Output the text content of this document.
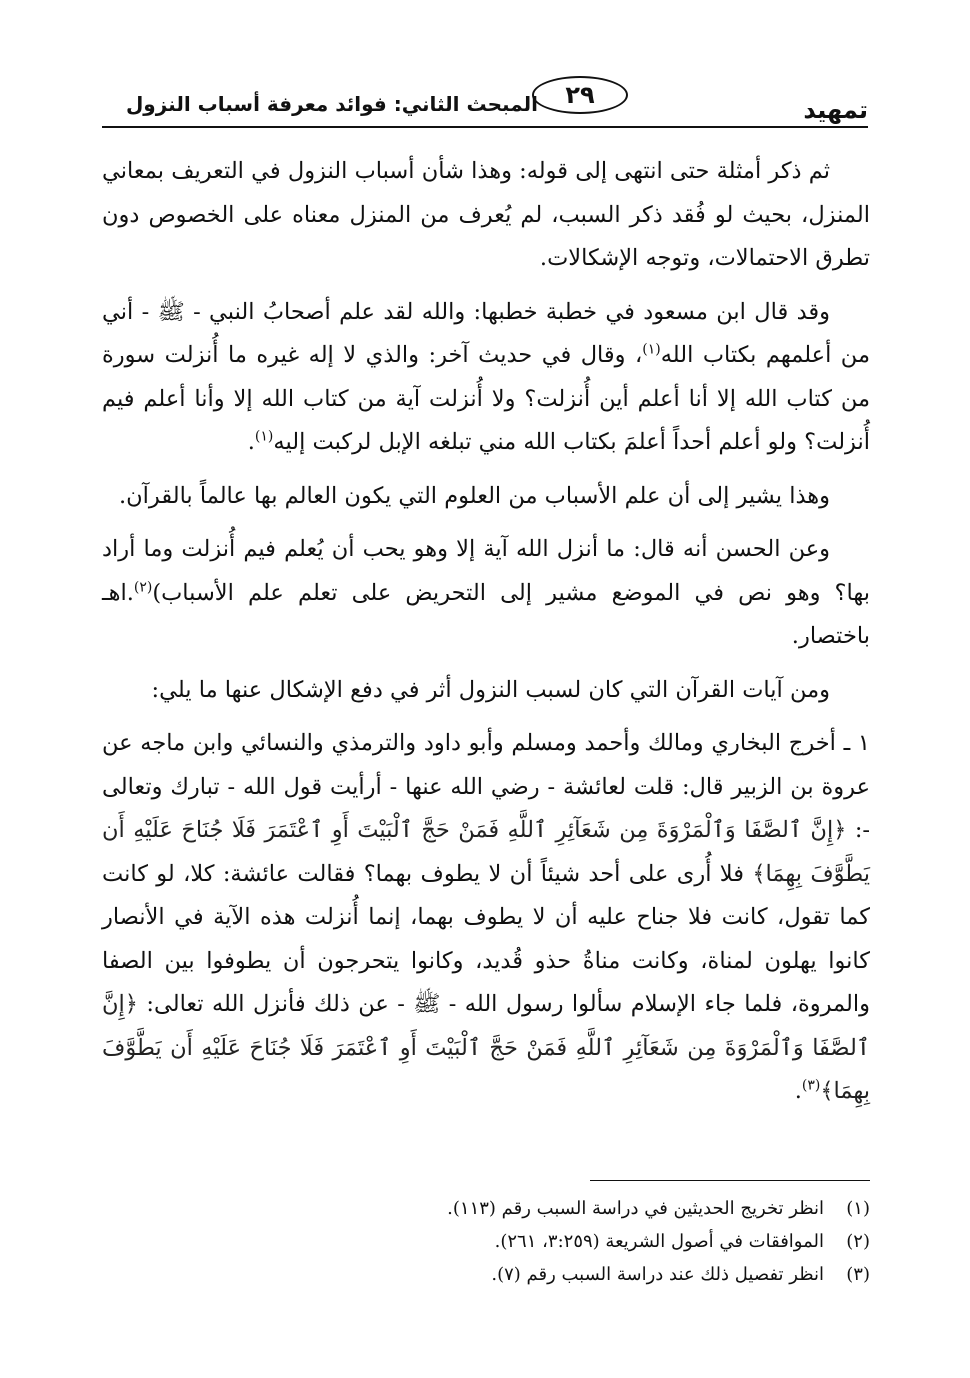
تمهيد
٢٩
المبحث الثاني: فوائد معرفة أسباب النزول

ثم ذكر أمثلة حتى انتهى إلى قوله: وهذا شأن أسباب النزول في التعريف بمعاني المنزل، بحيث لو فُقد ذكر السبب، لم يُعرف من المنزل معناه على الخصوص دون تطرق الاحتمالات، وتوجه الإشكالات.

وقد قال ابن مسعود في خطبة خطبها: والله لقد علم أصحابُ النبي - ﷺ - أني من أعلمهم بكتاب الله$^{(١)}$، وقال في حديث آخر: والذي لا إله غيره ما أُنزلت سورة من كتاب الله إلا أنا أعلم أين أُنزلت؟ ولا أُنزلت آية من كتاب الله إلا وأنا أعلم فيم أُنزلت؟ ولو أعلم أحداً أعلمَ بكتاب الله مني تبلغه الإبل لركبت إليه$^{(١)}$.

وهذا يشير إلى أن علم الأسباب من العلوم التي يكون العالم بها عالماً بالقرآن.

وعن الحسن أنه قال: ما أنزل الله آية إلا وهو يحب أن يُعلم فيم أُنزلت وما أراد بها؟ وهو نص في الموضع مشير إلى التحريض على تعلم علم الأسباب)$^{(٢)}$.اهـ باختصار.

ومن آيات القرآن التي كان لسبب النزول أثر في دفع الإشكال عنها ما يلي:

١ ـ أخرج البخاري ومالك وأحمد ومسلم وأبو داود والترمذي والنسائي وابن ماجه عن عروة بن الزبير قال: قلت لعائشة - رضي الله عنها - أرأيت قول الله - تبارك وتعالى -: ﴿إِنَّ ٱلصَّفَا وَٱلْمَرْوَةَ مِن شَعَآئِرِ ٱللَّهِ فَمَنْ حَجَّ ٱلْبَيْتَ أَوِ ٱعْتَمَرَ فَلَا جُنَاحَ عَلَيْهِ أَن يَطَّوَّفَ بِهِمَا﴾ فلا أُرى على أحد شيئاً أن لا يطوف بهما؟ فقالت عائشة: كلا، لو كانت كما تقول، كانت فلا جناح عليه أن لا يطوف بهما، إنما أُنزلت هذه الآية في الأنصار كانوا يهلون لمناة، وكانت مناةُ حذو قُديد، وكانوا يتحرجون أن يطوفوا بين الصفا والمروة، فلما جاء الإسلام سألوا رسول الله - ﷺ - عن ذلك فأنزل الله تعالى: ﴿إِنَّ ٱلصَّفَا وَٱلْمَرْوَةَ مِن شَعَآئِرِ ٱللَّهِ فَمَنْ حَجَّ ٱلْبَيْتَ أَوِ ٱعْتَمَرَ فَلَا جُنَاحَ عَلَيْهِ أَن يَطَّوَّفَ بِهِمَا﴾$^{(٣)}$.

(١)انظر تخريج الحديثين في دراسة السبب رقم (١١٣).
(٢)الموافقات في أصول الشريعة (٣:٢٥٩، ٢٦١).
(٣)انظر تفصيل ذلك عند دراسة السبب رقم (٧).
